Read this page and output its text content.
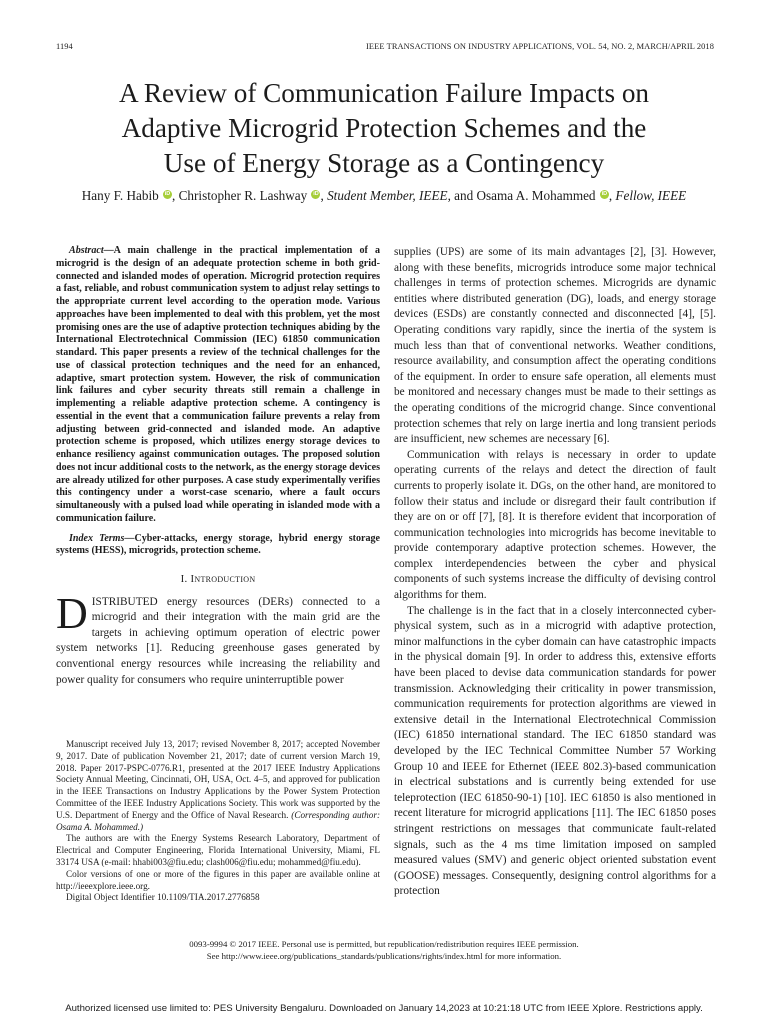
1194	IEEE TRANSACTIONS ON INDUSTRY APPLICATIONS, VOL. 54, NO. 2, MARCH/APRIL 2018
A Review of Communication Failure Impacts on
Adaptive Microgrid Protection Schemes and the
Use of Energy Storage as a Contingency
Hany F. Habib iD , Christopher R. Lashway iD , Student Member, IEEE, and Osama A. Mohammed iD , Fellow, IEEE

Abstract—A main challenge in the practical implementation of a microgrid is the design of an adequate protection scheme in both grid-connected and islanded modes of operation. Microgrid protection requires a fast, reliable, and robust communication system to adjust relay settings to the appropriate current level according to the operation mode. Various approaches have been implemented to deal with this problem, yet the most promising ones are the use of adaptive protection techniques abiding by the International Electrotechnical Commission (IEC) 61850 communication standard. This paper presents a review of the technical challenges for the use of classical protection techniques and the need for an enhanced, adaptive, smart protection system. However, the risk of communication link failures and cyber security threats still remain a challenge in implementing a reliable adaptive protection scheme. A contingency is essential in the event that a communication failure prevents a relay from adjusting between grid-connected and islanded mode. An adaptive protection scheme is proposed, which utilizes energy storage devices to enhance resiliency against communication outages. The proposed solution does not incur additional costs to the network, as the energy storage devices are already utilized for other purposes. A case study experimentally verifies this contingency under a worst-case scenario, where a fault occurs simultaneously with a pulsed load while operating in islanded mode with a communication failure.

Index Terms—Cyber-attacks, energy storage, hybrid energy storage systems (HESS), microgrids, protection scheme.

I. Introduction

DISTRIBUTED energy resources (DERs) connected to a microgrid and their integration with the main grid are the targets in achieving optimum operation of electric power system networks [1]. Reducing greenhouse gases generated by conventional energy resources while increasing the reliability and power quality for consumers who require uninterruptible power

Manuscript received July 13, 2017; revised November 8, 2017; accepted November 9, 2017. Date of publication November 21, 2017; date of current version March 19, 2018. Paper 2017-PSPC-0776.R1, presented at the 2017 IEEE Industry Applications Society Annual Meeting, Cincinnati, OH, USA, Oct. 4–5, and approved for publication in the IEEE Transactions on Industry Applications by the Power System Protection Committee of the IEEE Industry Applications Society. This work was supported by the U.S. Department of Energy and the Office of Naval Research. (Corresponding author: Osama A. Mohammed.)

The authors are with the Energy Systems Research Laboratory, Department of Electrical and Computer Engineering, Florida International University, Miami, FL 33174 USA (e-mail: hhabi003@fiu.edu; clash006@fiu.edu; mohammed@fiu.edu).

Color versions of one or more of the figures in this paper are available online at http://ieeexplore.ieee.org.

Digital Object Identifier 10.1109/TIA.2017.2776858

supplies (UPS) are some of its main advantages [2], [3]. However, along with these benefits, microgrids introduce some major technical challenges in terms of protection schemes. Microgrids are dynamic entities where distributed generation (DG), loads, and energy storage devices (ESDs) are constantly connected and disconnected [4], [5]. Operating conditions vary rapidly, since the inertia of the system is much less than that of conventional networks. Weather conditions, resource availability, and consumption affect the operating conditions of the equipment. In order to ensure safe operation, all elements must be monitored and necessary changes must be made to their settings as the operating conditions of the microgrid change. Since conventional protection schemes that rely on large inertia and long transient periods are insufficient, new schemes are necessary [6].

Communication with relays is necessary in order to update operating currents of the relays and detect the direction of fault currents to properly isolate it. DGs, on the other hand, are monitored to follow their status and include or disregard their fault contribution if they are on or off [7], [8]. It is therefore evident that incorporation of communication technologies into microgrids has become inevitable to provide contemporary adaptive protection schemes. However, the complex interdependencies between the cyber and physical components of such systems increase the difficulty of devising control algorithms for them.

The challenge is in the fact that in a closely interconnected cyber-physical system, such as in a microgrid with adaptive protection, minor malfunctions in the cyber domain can have catastrophic impacts in the physical domain [9]. In order to address this, extensive efforts have been placed to devise data communication standards for power transmission. Acknowledging their criticality in power transmission, communication requirements for protection algorithms are viewed in extensive detail in the International Electrotechnical Commission (IEC) 61850 international standard. The IEC 61850 standard was developed by the IEC Technical Committee Number 57 Working Group 10 and IEEE for Ethernet (IEEE 802.3)-based communication in electrical substations and is currently being extended for use teleprotection (IEC 61850-90-1) [10]. IEC 61850 is also mentioned in recent literature for microgrid applications [11]. The IEC 61850 poses stringent restrictions on messages that communicate fault-related signals, such as the 4 ms time limitation imposed on sampled measured values (SMV) and generic object oriented substation event (GOOSE) messages. Consequently, designing control algorithms for a protection

0093-9994 © 2017 IEEE. Personal use is permitted, but republication/redistribution requires IEEE permission.
See http://www.ieee.org/publications_standards/publications/rights/index.html for more information.
Authorized licensed use limited to: PES University Bengaluru. Downloaded on January 14,2023 at 10:21:18 UTC from IEEE Xplore. Restrictions apply.
